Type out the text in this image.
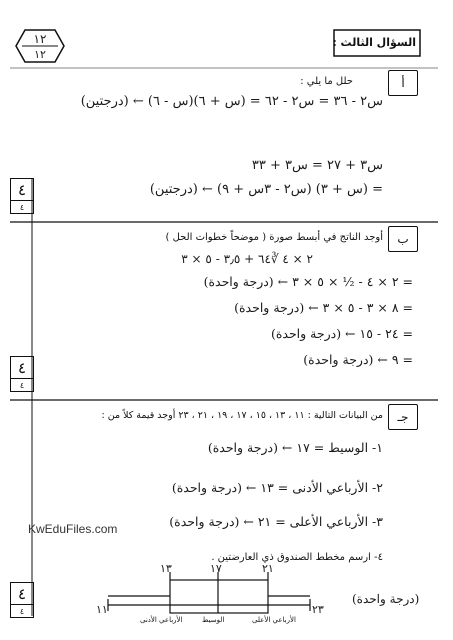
١٢
١٢
السؤال الثالث :
أ
حلل ما يلي :
س٢ - ٣٦ = س٢ - ٦٢ = (س + ٦)(س - ٦) ← (درجتين)
س٣ + ٢٧ = س٣ + ٣٣
= (س + ٣) (س٢ - ٣س + ٩) ← (درجتين)
٤
٤
ب
أوجد الناتج في أبسط صورة ( موضحاً خطوات الحل )
٢ × ٤ ∛٦٤ + ٣٫٥ - ٥ × ٣
= ٢ × ٤ - ½ × ٥ × ٣ ← (درجة واحدة)
= ٨ × ٣ - ٥ × ٣ ← (درجة واحدة)
= ٢٤ - ١٥ ← (درجة واحدة)
= ٩ ← (درجة واحدة)
٤
٤
جـ
من البيانات التالية : ١١ ، ١٣ ، ١٥ ، ١٧ ، ١٩ ، ٢١ ، ٢٣ أوجد قيمة كلاً من :
١- الوسيط = ١٧ ← (درجة واحدة)
٢- الأرباعي الأدنى = ١٣ ← (درجة واحدة)
٣- الأرباعي الأعلى = ٢١ ← (درجة واحدة)
٤- ارسم مخطط الصندوق ذي العارضتين .
١٣	١٧	٢١
١١	٢٣
الأرباعي الأدنى	الوسيط	الأرباعي الأعلى
(درجة واحدة)
٤
٤
KwEduFiles.com
